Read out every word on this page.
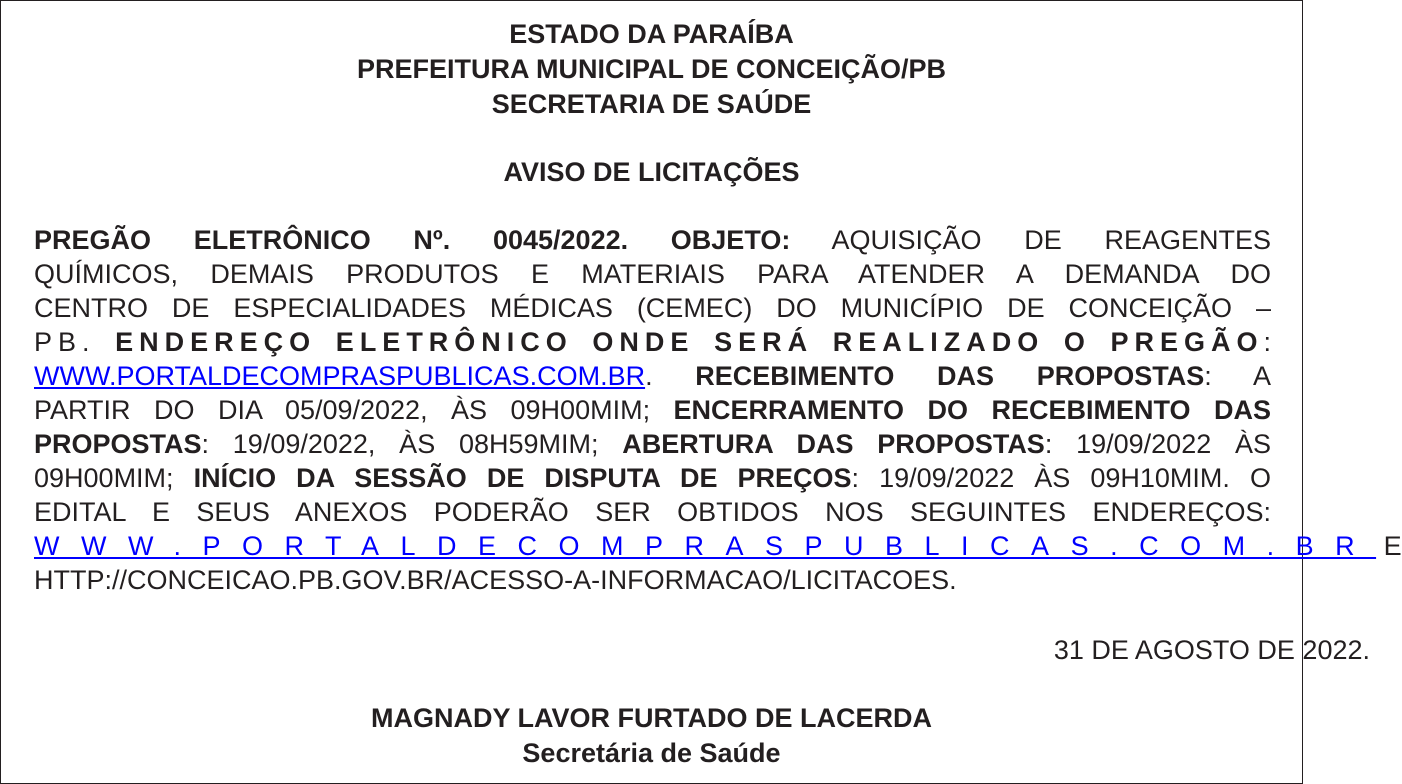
ESTADO DA PARAÍBA
PREFEITURA MUNICIPAL DE CONCEIÇÃO/PB
SECRETARIA DE SAÚDE
AVISO DE LICITAÇÕES
PREGÃO ELETRÔNICO Nº. 0045/2022. OBJETO: AQUISIÇÃO DE REAGENTES
QUÍMICOS, DEMAIS PRODUTOS E MATERIAIS PARA ATENDER A DEMANDA DO
CENTRO DE ESPECIALIDADES MÉDICAS (CEMEC) DO MUNICÍPIO DE CONCEIÇÃO –
PB. ENDEREÇO ELETRÔNICO ONDE SERÁ REALIZADO O PREGÃO:
WWW.PORTALDECOMPRASPUBLICAS.COM.BR. RECEBIMENTO DAS PROPOSTAS: A
PARTIR DO DIA 05/09/2022, ÀS 09H00MIM; ENCERRAMENTO DO RECEBIMENTO DAS
PROPOSTAS: 19/09/2022, ÀS 08H59MIM; ABERTURA DAS PROPOSTAS: 19/09/2022 ÀS
09H00MIM; INÍCIO DA SESSÃO DE DISPUTA DE PREÇOS: 19/09/2022 ÀS 09H10MIM. O
EDITAL E SEUS ANEXOS PODERÃO SER OBTIDOS NOS SEGUINTES ENDEREÇOS:
WWW.PORTALDECOMPRASPUBLICAS.COM.BR E
HTTP://CONCEICAO.PB.GOV.BR/ACESSO-A-INFORMACAO/LICITACOES.
31 DE AGOSTO DE 2022.
MAGNADY LAVOR FURTADO DE LACERDA
Secretária de Saúde
